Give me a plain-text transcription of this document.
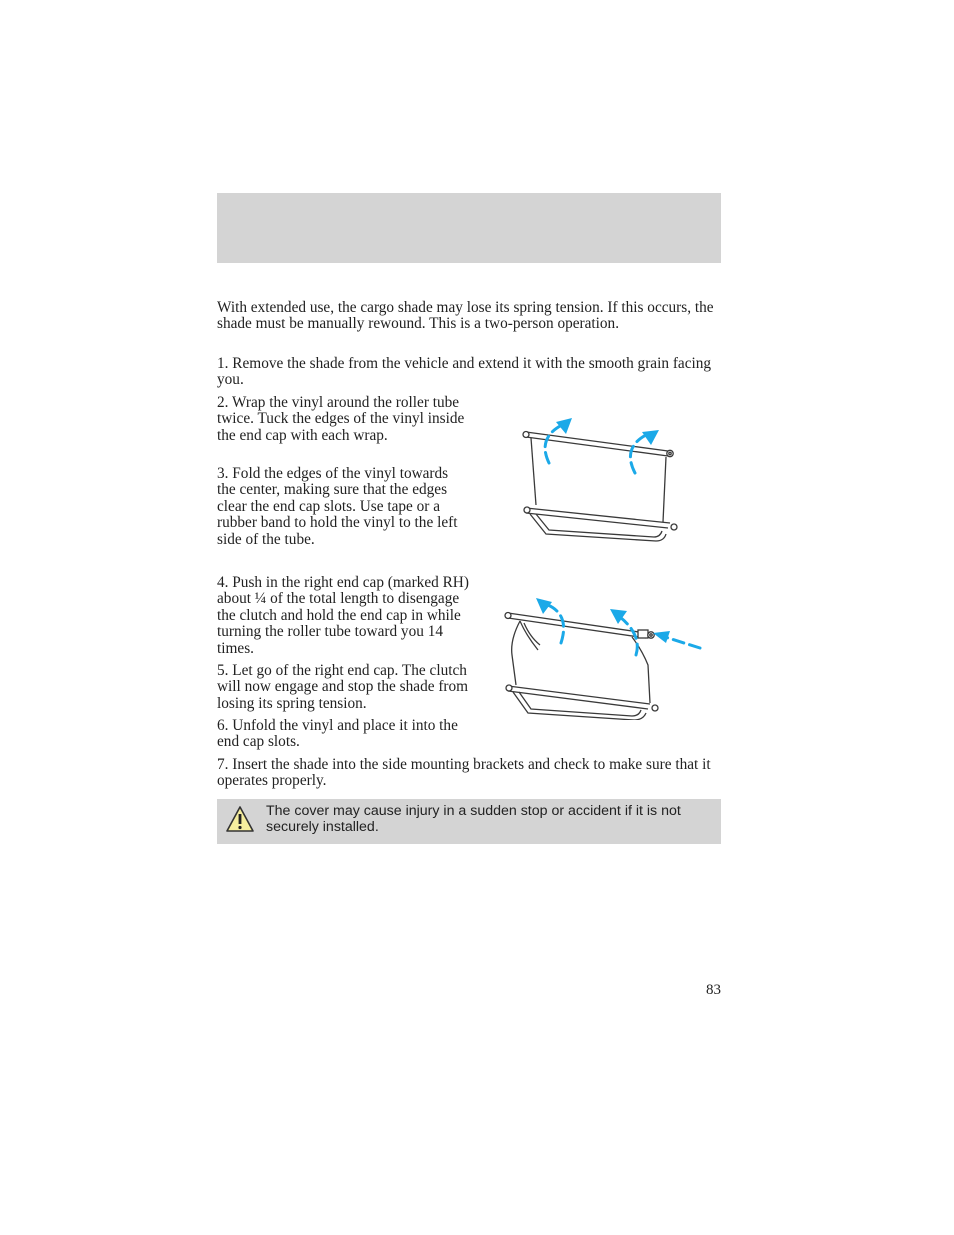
With extended use, the cargo shade may lose its spring tension. If this occurs, the shade must be manually rewound. This is a two-person operation.

1. Remove the shade from the vehicle and extend it with the smooth grain facing you.

2. Wrap the vinyl around the roller tube twice. Tuck the edges of the vinyl inside the end cap with each wrap.

3. Fold the edges of the vinyl towards the center, making sure that the edges clear the end cap slots. Use tape or a rubber band to hold the vinyl to the left side of the tube.

4. Push in the right end cap (marked RH) about ¼ of the total length to disengage the clutch and hold the end cap in while turning the roller tube toward you 14 times.

5. Let go of the right end cap. The clutch will now engage and stop the shade from losing its spring tension.

6. Unfold the vinyl and place it into the end cap slots.

7. Insert the shade into the side mounting brackets and check to make sure that it operates properly.

The cover may cause injury in a sudden stop or accident if it is not securely installed.

83
